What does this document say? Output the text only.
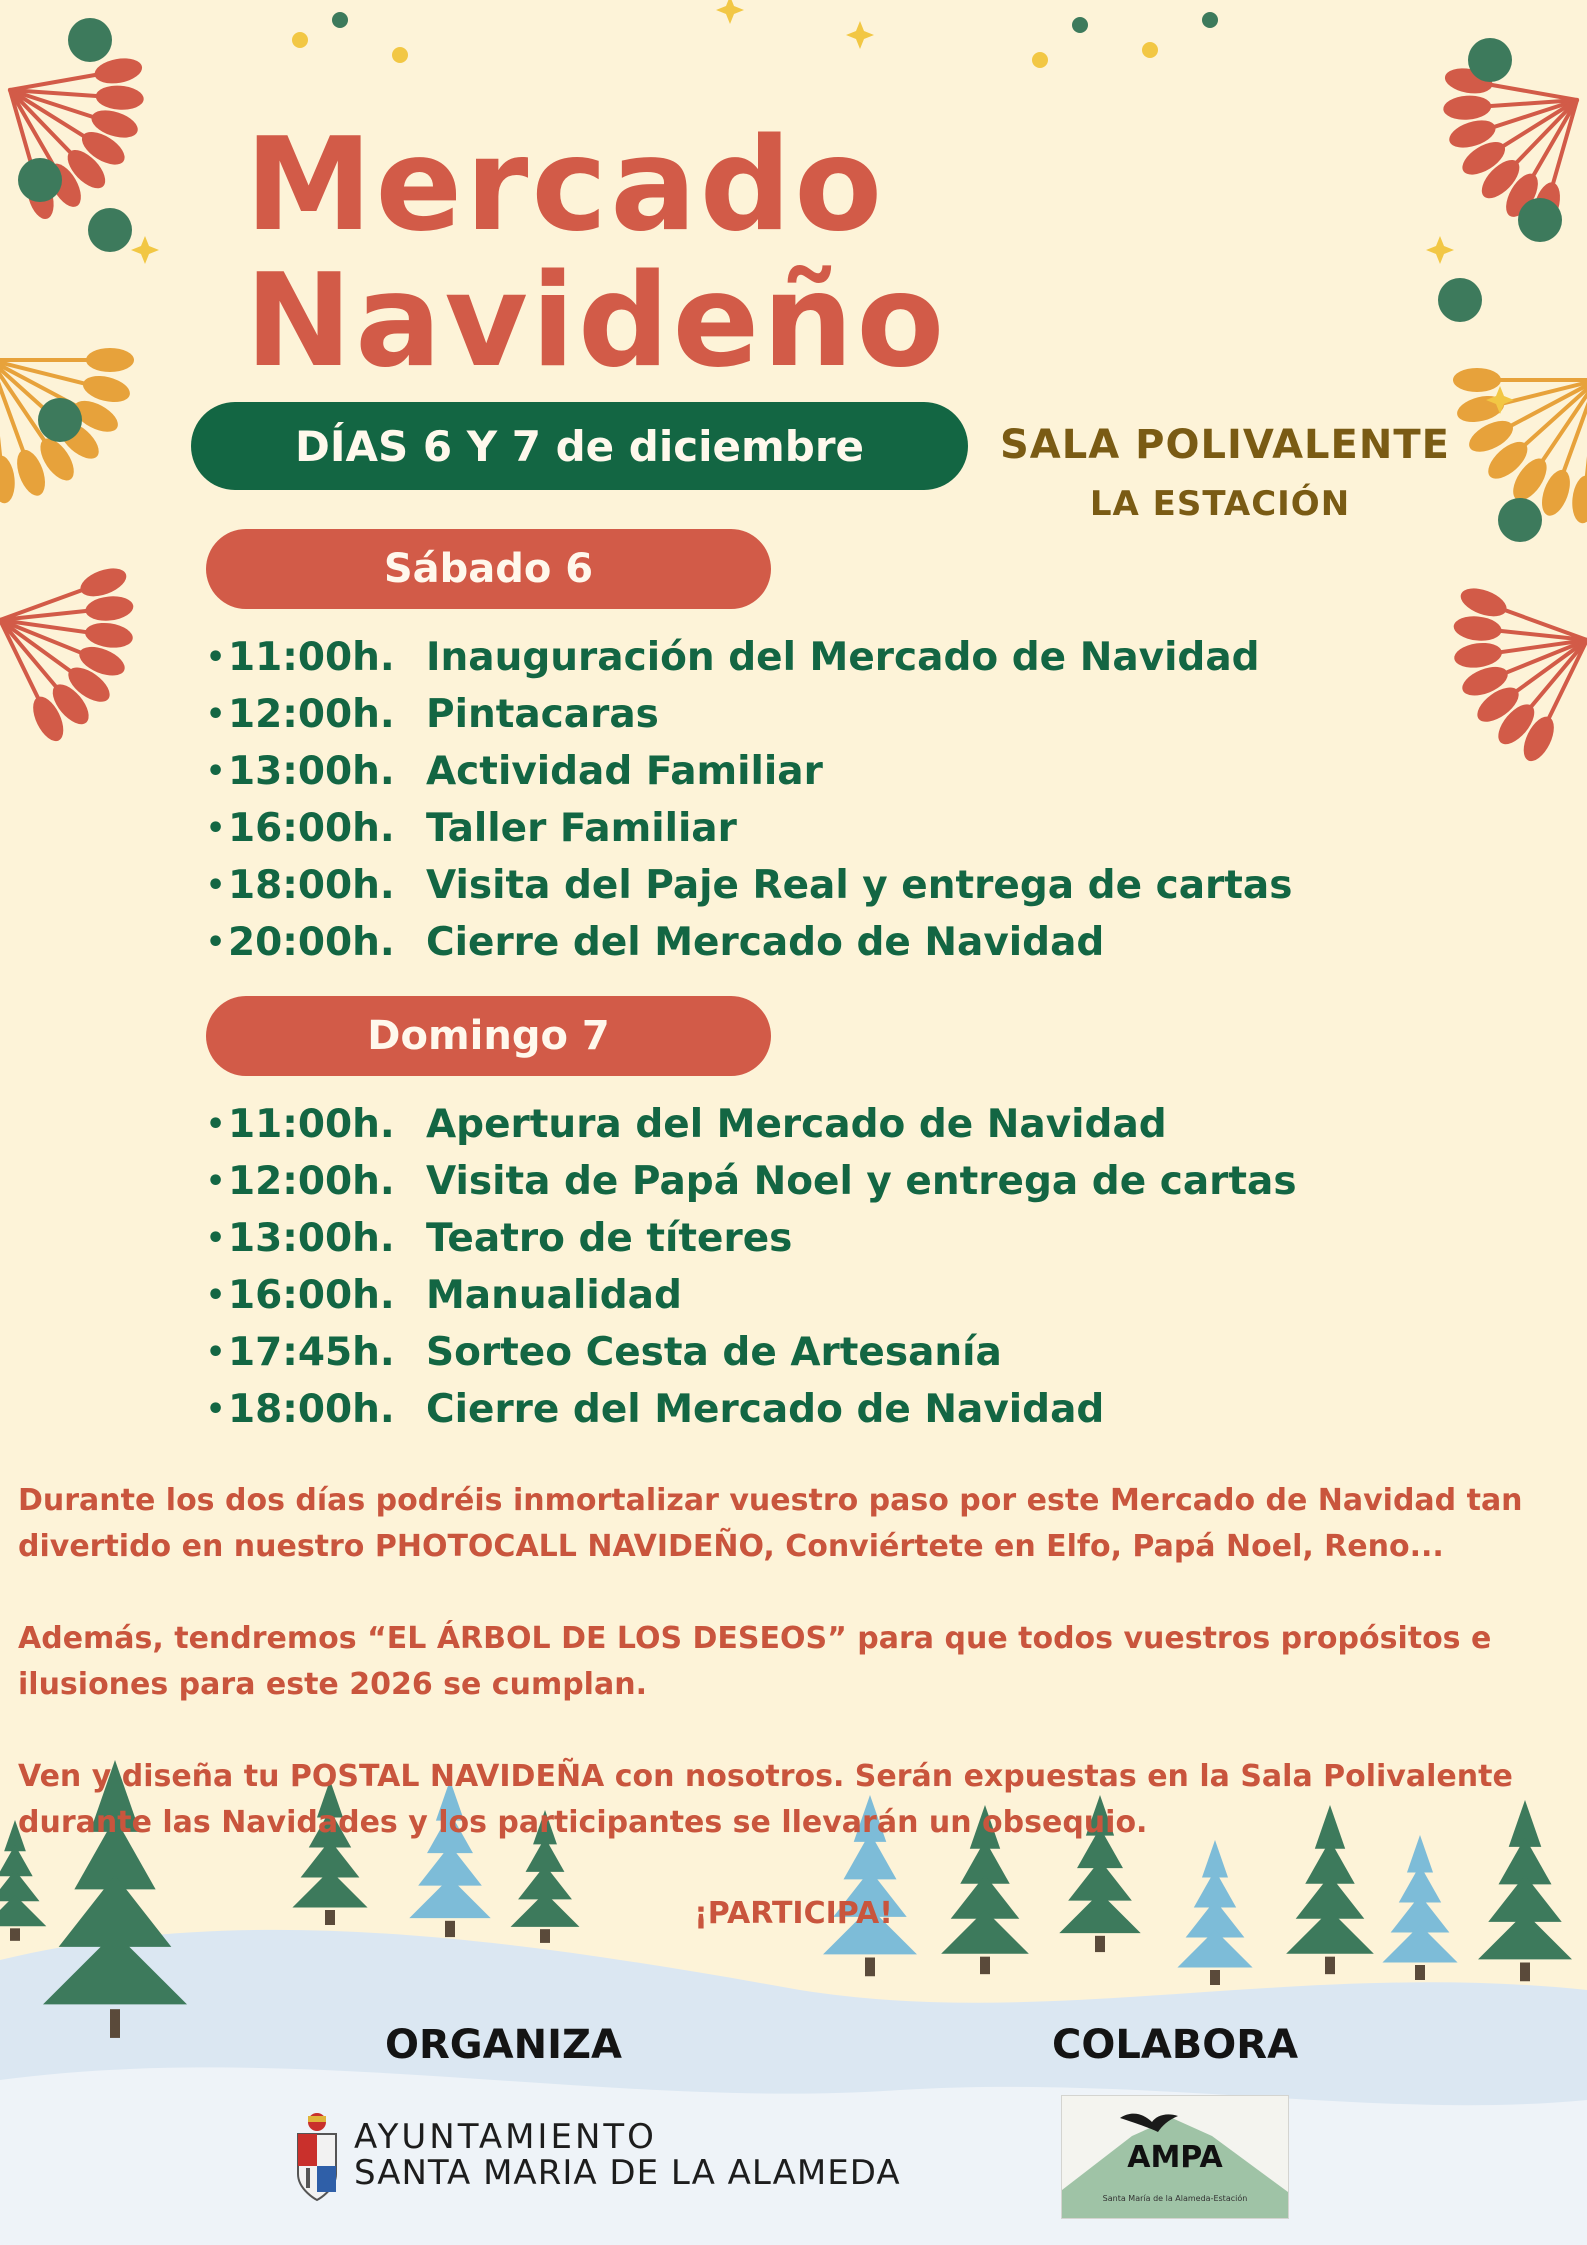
Mercado
Navideño
DÍAS 6 Y 7 de diciembre	SALA POLIVALENTE
LA ESTACIÓN
Sábado 6
• 11:00h. Inauguración del Mercado de Navidad
• 12:00h. Pintacaras
• 13:00h. Actividad Familiar
• 16:00h. Taller Familiar
• 18:00h. Visita del Paje Real y entrega de cartas
• 20:00h. Cierre del Mercado de Navidad
Domingo 7
• 11:00h. Apertura del Mercado de Navidad
• 12:00h. Visita de Papá Noel y entrega de cartas
• 13:00h. Teatro de títeres
• 16:00h. Manualidad
• 17:45h. Sorteo Cesta de Artesanía
• 18:00h. Cierre del Mercado de Navidad

Durante los dos días podréis inmortalizar vuestro paso por este Mercado de Navidad tan divertido en nuestro PHOTOCALL NAVIDEÑO, Conviértete en Elfo, Papá Noel, Reno...

Además, tendremos “EL ÁRBOL DE LOS DESEOS” para que todos vuestros propósitos e ilusiones para este 2026 se cumplan.

Ven y diseña tu POSTAL NAVIDEÑA con nosotros. Serán expuestas en la Sala Polivalente durante las Navidades y los participantes se llevarán un obsequio.

¡PARTICIPA!
ORGANIZA	COLABORA
AYUNTAMIENTO
SANTA MARIA DE LA ALAMEDA	AMPA
Santa María de la Alameda-Estación
